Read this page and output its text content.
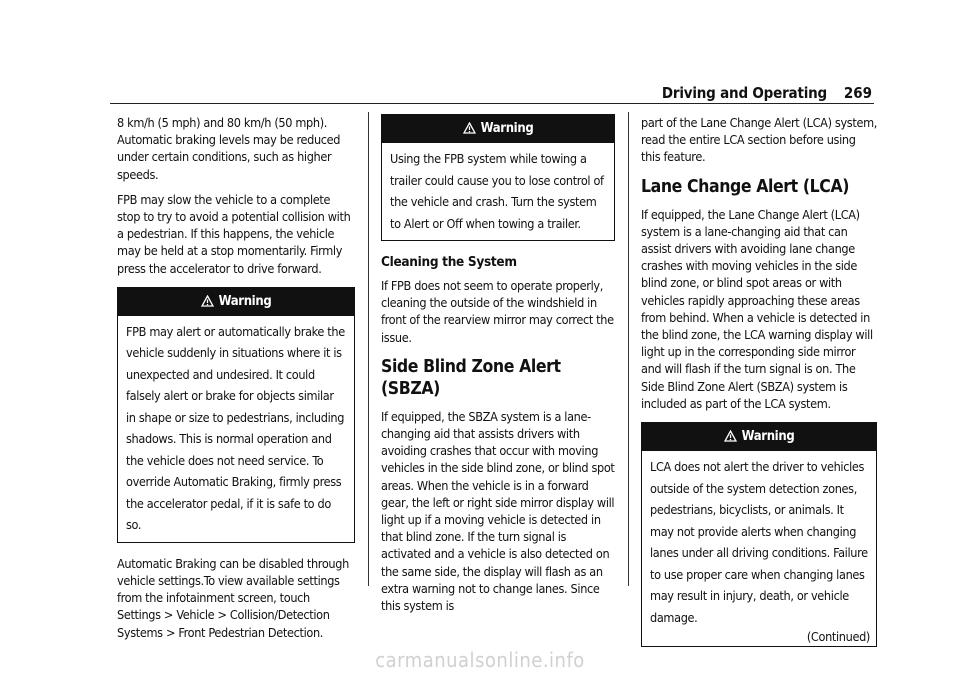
Driving and Operating 269

8 km/h (5 mph) and 80 km/h (50 mph). Automatic braking levels may be reduced under certain conditions, such as higher speeds.

FPB may slow the vehicle to a complete stop to try to avoid a potential collision with a pedestrian. If this happens, the vehicle may be held at a stop momentarily. Firmly press the accelerator to drive forward.

Warning
FPB may alert or automatically brake the vehicle suddenly in situations where it is unexpected and undesired. It could falsely alert or brake for objects similar in shape or size to pedestrians, including shadows. This is normal operation and the vehicle does not need service. To override Automatic Braking, firmly press the accelerator pedal, if it is safe to do so.

Automatic Braking can be disabled through vehicle settings.To view available settings from the infotainment screen, touch Settings > Vehicle > Collision/Detection Systems > Front Pedestrian Detection.

Warning
Using the FPB system while towing a trailer could cause you to lose control of the vehicle and crash. Turn the system to Alert or Off when towing a trailer.
Cleaning the System

If FPB does not seem to operate properly, cleaning the outside of the windshield in front of the rearview mirror may correct the issue.

Side Blind Zone Alert (SBZA)

If equipped, the SBZA system is a lane-changing aid that assists drivers with avoiding crashes that occur with moving vehicles in the side blind zone, or blind spot areas. When the vehicle is in a forward gear, the left or right side mirror display will light up if a moving vehicle is detected in that blind zone. If the turn signal is activated and a vehicle is also detected on the same side, the display will flash as an extra warning not to change lanes. Since this system is

part of the Lane Change Alert (LCA) system, read the entire LCA section before using this feature.

Lane Change Alert (LCA)

If equipped, the Lane Change Alert (LCA) system is a lane-changing aid that can assist drivers with avoiding lane change crashes with moving vehicles in the side blind zone, or blind spot areas or with vehicles rapidly approaching these areas from behind. When a vehicle is detected in the blind zone, the LCA warning display will light up in the corresponding side mirror and will flash if the turn signal is on. The Side Blind Zone Alert (SBZA) system is included as part of the LCA system.

Warning
LCA does not alert the driver to vehicles outside of the system detection zones, pedestrians, bicyclists, or animals. It may not provide alerts when changing lanes under all driving conditions. Failure to use proper care when changing lanes may result in injury, death, or vehicle damage.
(Continued)
carmanualsonline.info
